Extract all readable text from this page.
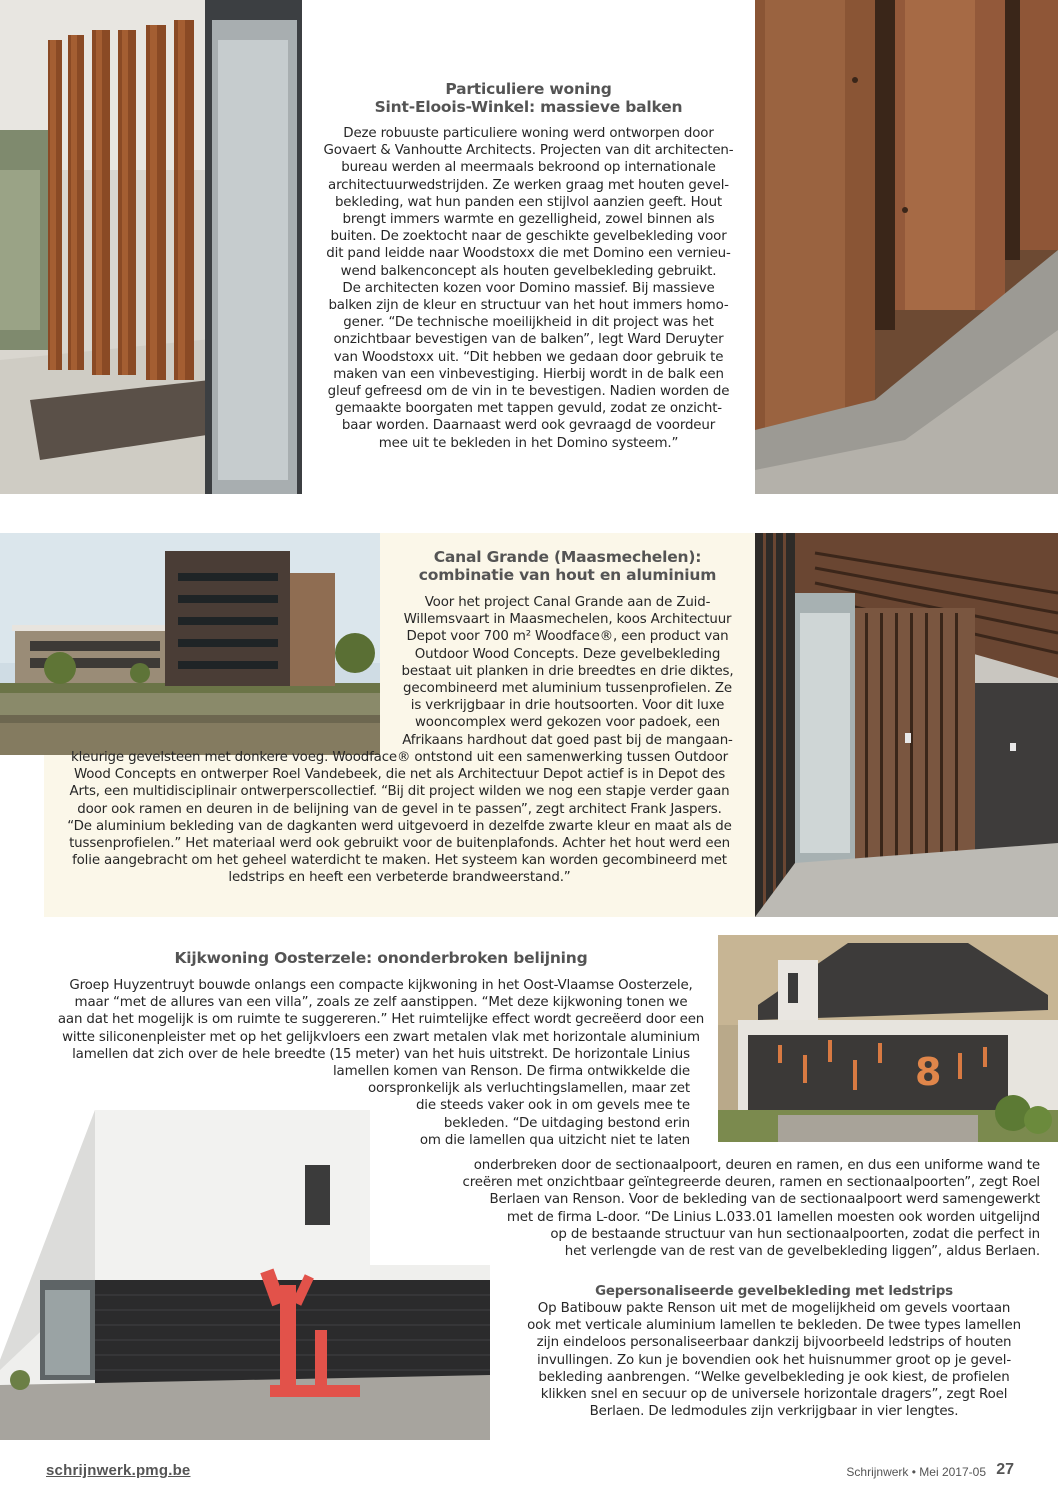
Particuliere woning
Sint-Eloois-Winkel: massieve balken
Deze robuuste particuliere woning werd ontworpen door
Govaert & Vanhoutte Architects. Projecten van dit architecten-
bureau werden al meermaals bekroond op internationale
architectuurwedstrijden. Ze werken graag met houten gevel-
bekleding, wat hun panden een stijlvol aanzien geeft. Hout
brengt immers warmte en gezelligheid, zowel binnen als
buiten. De zoektocht naar de geschikte gevelbekleding voor
dit pand leidde naar Woodstoxx die met Domino een vernieu-
wend balkenconcept als houten gevelbekleding gebruikt.
De architecten kozen voor Domino massief. Bij massieve
balken zijn de kleur en structuur van het hout immers homo-
gener. “De technische moeilijkheid in dit project was het
onzichtbaar bevestigen van de balken”, legt Ward Deruyter
van Woodstoxx uit. “Dit hebben we gedaan door gebruik te
maken van een vinbevestiging. Hierbij wordt in de balk een
gleuf gefreesd om de vin in te bevestigen. Nadien worden de
gemaakte boorgaten met tappen gevuld, zodat ze onzicht-
baar worden. Daarnaast werd ook gevraagd de voordeur
mee uit te bekleden in het Domino systeem.”
Canal Grande (Maasmechelen):
combinatie van hout en aluminium
Voor het project Canal Grande aan de Zuid-
Willemsvaart in Maasmechelen, koos Architectuur
Depot voor 700 m² Woodface®, een product van
Outdoor Wood Concepts. Deze gevelbekleding
bestaat uit planken in drie breedtes en drie diktes,
gecombineerd met aluminium tussenprofielen. Ze
is verkrijgbaar in drie houtsoorten. Voor dit luxe
wooncomplex werd gekozen voor padoek, een
Afrikaans hardhout dat goed past bij de mangaan-
kleurige gevelsteen met donkere voeg. Woodface® ontstond uit een samenwerking tussen Outdoor
Wood Concepts en ontwerper Roel Vandebeek, die net als Architectuur Depot actief is in Depot des
Arts, een multidisciplinair ontwerperscollectief. “Bij dit project wilden we nog een stapje verder gaan
door ook ramen en deuren in de belijning van de gevel in te passen”, zegt architect Frank Jaspers.
“De aluminium bekleding van de dagkanten werd uitgevoerd in dezelfde zwarte kleur en maat als de
tussenprofielen.” Het materiaal werd ook gebruikt voor de buitenplafonds. Achter het hout werd een
folie aangebracht om het geheel waterdicht te maken. Het systeem kan worden gecombineerd met
ledstrips en heeft een verbeterde brandweerstand.”
8
Kijkwoning Oosterzele: ononderbroken belijning
Groep Huyzentruyt bouwde onlangs een compacte kijkwoning in het Oost-Vlaamse Oosterzele,
maar “met de allures van een villa”, zoals ze zelf aanstippen. “Met deze kijkwoning tonen we
aan dat het mogelijk is om ruimte te suggereren.” Het ruimtelijke effect wordt gecreëerd door een
witte siliconenpleister met op het gelijkvloers een zwart metalen vlak met horizontale aluminium
lamellen dat zich over de hele breedte (15 meter) van het huis uitstrekt. De horizontale Linius
lamellen komen van Renson. De firma ontwikkelde die
oorspronkelijk als verluchtingslamellen, maar zet
die steeds vaker ook in om gevels mee te
bekleden. “De uitdaging bestond erin
om die lamellen qua uitzicht niet te laten
onderbreken door de sectionaalpoort, deuren en ramen, en dus een uniforme wand te
creëren met onzichtbaar geïntegreerde deuren, ramen en sectionaalpoorten”, zegt Roel
Berlaen van Renson. Voor de bekleding van de sectionaalpoort werd samengewerkt
met de firma L-door. “De Linius L.033.01 lamellen moesten ook worden uitgelijnd
op de bestaande structuur van hun sectionaalpoorten, zodat die perfect in
het verlengde van de rest van de gevelbekleding liggen”, aldus Berlaen.
Gepersonaliseerde gevelbekleding met ledstrips
Op Batibouw pakte Renson uit met de mogelijkheid om gevels voortaan
ook met verticale aluminium lamellen te bekleden. De twee types lamellen
zijn eindeloos personaliseerbaar dankzij bijvoorbeeld ledstrips of houten
invullingen. Zo kun je bovendien ook het huisnummer groot op je gevel-
bekleding aanbrengen. “Welke gevelbekleding je ook kiest, de profielen
klikken snel en secuur op de universele horizontale dragers”, zegt Roel
Berlaen. De ledmodules zijn verkrijgbaar in vier lengtes.
schrijnwerk.pmg.be	Schrijnwerk • Mei 2017-05 27
